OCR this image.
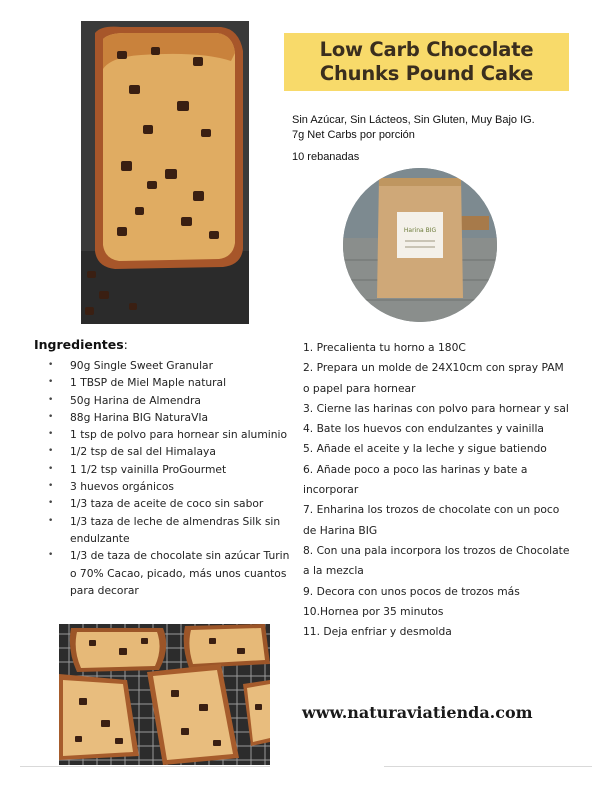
Low Carb Chocolate
Chunks Pound Cake
Sin Azúcar, Sin Lácteos, Sin Gluten, Muy Bajo IG.
7g Net Carbs por porción
10 rebanadas
Harina BIG
Ingredientes:
• 90g Single Sweet Granular
• 1 TBSP de Miel Maple natural
• 50g Harina de Almendra
• 88g Harina BIG NaturaVIa
• 1 tsp de polvo para hornear sin aluminio
• 1/2 tsp de sal del Himalaya
• 1 1/2 tsp vainilla ProGourmet
• 3 huevos orgánicos
• 1/3 taza de aceite de coco sin sabor
• 1/3 taza de leche de almendras Silk sin endulzante
• 1/3 de taza de chocolate sin azúcar Turin o 70% Cacao, picado, más unos cuantos para decorar
1. Precalienta tu horno a 180C
2. Prepara un molde de 24X10cm con spray PAM o papel para hornear
3. Cierne las harinas con polvo para hornear y sal
4. Bate los huevos con endulzantes y vainilla
5. Añade el aceite y la leche y sigue batiendo
6. Añade poco a poco las harinas y bate a incorporar
7. Enharina los trozos de chocolate con un poco de Harina BIG
8. Con una pala incorpora los trozos de Chocolate a la mezcla
9. Decora con unos pocos de trozos más
10.Hornea por 35 minutos
11. Deja enfriar y desmolda
www.naturaviatienda.com
